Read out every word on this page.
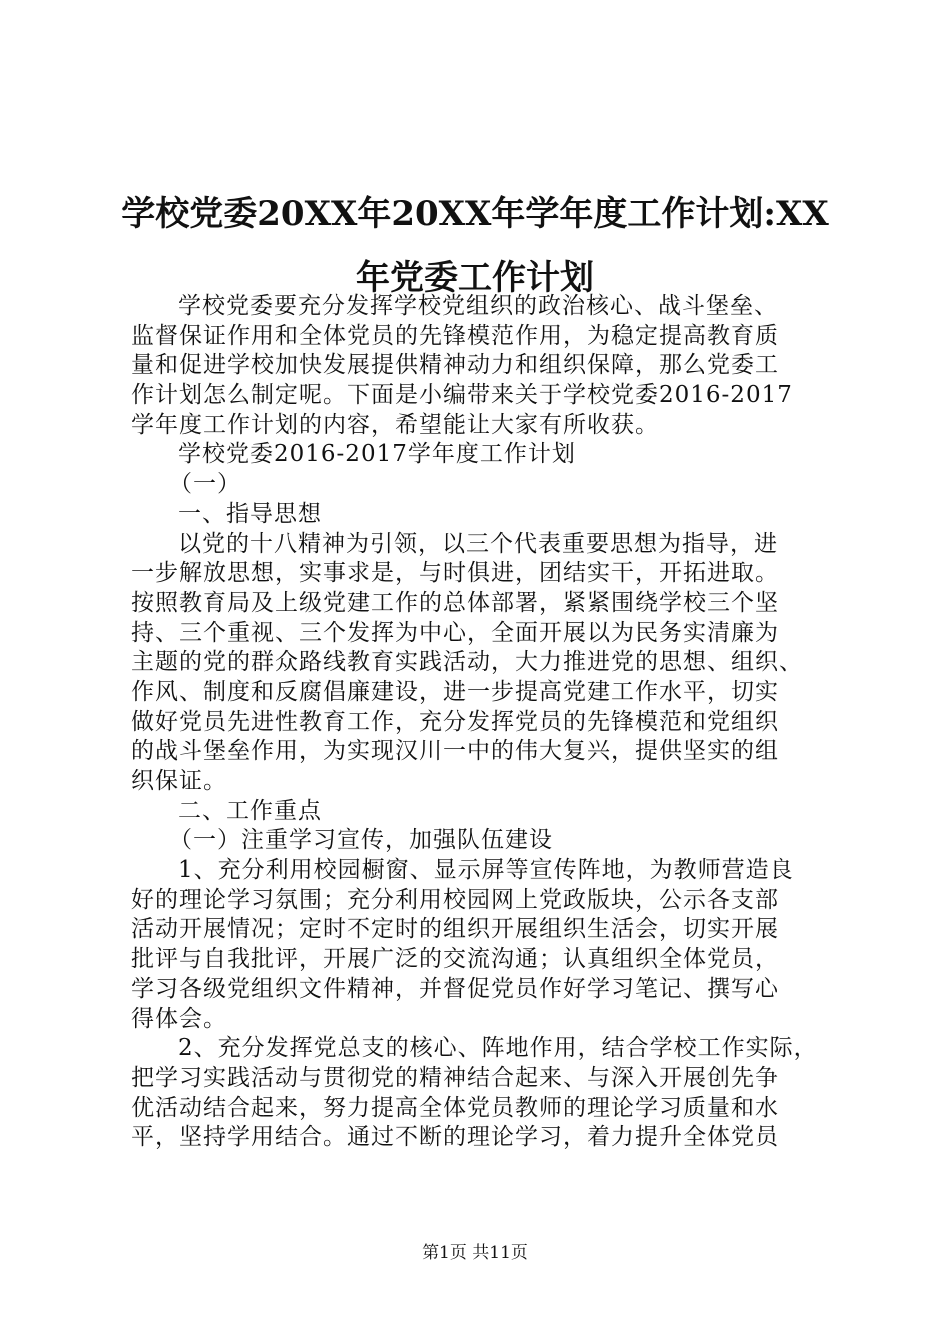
学校党委20XX年20XX年学年度工作计划:XX
年党委工作计划
学校党委要充分发挥学校党组织的政治核心、战斗堡垒、
监督保证作用和全体党员的先锋模范作用，为稳定提高教育质
量和促进学校加快发展提供精神动力和组织保障，那么党委工
作计划怎么制定呢。下面是小编带来关于学校党委2016-2017
学年度工作计划的内容，希望能让大家有所收获。
学校党委2016-2017学年度工作计划
（一）
一、指导思想
以党的十八精神为引领，以三个代表重要思想为指导，进
一步解放思想，实事求是，与时俱进，团结实干，开拓进取。
按照教育局及上级党建工作的总体部署，紧紧围绕学校三个坚
持、三个重视、三个发挥为中心，全面开展以为民务实清廉为
主题的党的群众路线教育实践活动，大力推进党的思想、组织、
作风、制度和反腐倡廉建设，进一步提高党建工作水平，切实
做好党员先进性教育工作，充分发挥党员的先锋模范和党组织
的战斗堡垒作用，为实现汉川一中的伟大复兴，提供坚实的组
织保证。
二、工作重点
（一）注重学习宣传，加强队伍建设
1、充分利用校园橱窗、显示屏等宣传阵地，为教师营造良
好的理论学习氛围；充分利用校园网上党政版块，公示各支部
活动开展情况；定时不定时的组织开展组织生活会，切实开展
批评与自我批评，开展广泛的交流沟通；认真组织全体党员，
学习各级党组织文件精神，并督促党员作好学习笔记、撰写心
得体会。
2、充分发挥党总支的核心、阵地作用，结合学校工作实际，
把学习实践活动与贯彻党的精神结合起来、与深入开展创先争
优活动结合起来，努力提高全体党员教师的理论学习质量和水
平，坚持学用结合。通过不断的理论学习，着力提升全体党员
第1页 共11页
